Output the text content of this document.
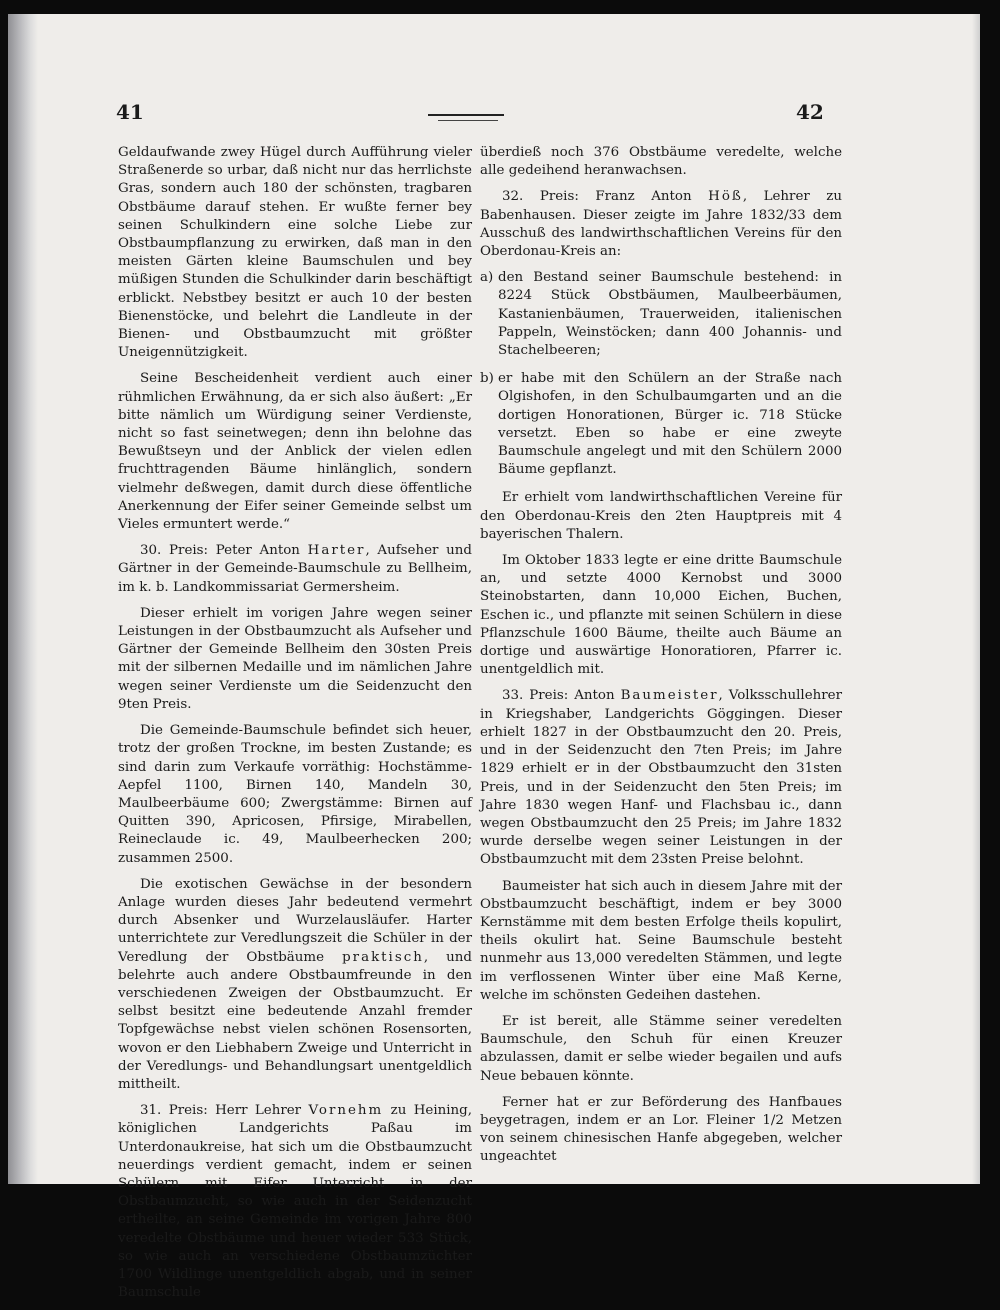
41	42

Geldaufwande zwey Hügel durch Aufführung vieler Straßenerde so urbar, daß nicht nur das herrlichste Gras, sondern auch 180 der schönsten, tragbaren Obstbäume darauf stehen. Er wußte ferner bey seinen Schulkindern eine solche Liebe zur Obstbaumpflanzung zu erwirken, daß man in den meisten Gärten kleine Baumschulen und bey müßigen Stunden die Schulkinder darin beschäftigt erblickt. Nebstbey besitzt er auch 10 der besten Bienenstöcke, und belehrt die Landleute in der Bienen- und Obstbaumzucht mit größter Uneigennützigkeit.

Seine Bescheidenheit verdient auch einer rühmlichen Erwähnung, da er sich also äußert: „Er bitte nämlich um Würdigung seiner Verdienste, nicht so fast seinetwegen; denn ihn belohne das Bewußtseyn und der Anblick der vielen edlen fruchttragenden Bäume hinlänglich, sondern vielmehr deßwegen, damit durch diese öffentliche Anerkennung der Eifer seiner Gemeinde selbst um Vieles ermuntert werde.“

30. Preis: Peter Anton Harter, Aufseher und Gärtner in der Gemeinde-Baumschule zu Bellheim, im k. b. Landkommissariat Germersheim.

Dieser erhielt im vorigen Jahre wegen seiner Leistungen in der Obstbaumzucht als Aufseher und Gärtner der Gemeinde Bellheim den 30sten Preis mit der silbernen Medaille und im nämlichen Jahre wegen seiner Verdienste um die Seidenzucht den 9ten Preis.

Die Gemeinde-Baumschule befindet sich heuer, trotz der großen Trockne, im besten Zustande; es sind darin zum Verkaufe vorräthig: Hochstämme-Aepfel 1100, Birnen 140, Mandeln 30, Maulbeerbäume 600; Zwergstämme: Birnen auf Quitten 390, Apricosen, Pfirsige, Mirabellen, Reineclaude ic. 49, Maulbeerhecken 200; zusammen 2500.

Die exotischen Gewächse in der besondern Anlage wurden dieses Jahr bedeutend vermehrt durch Absenker und Wurzelausläufer. Harter unterrichtete zur Veredlungszeit die Schüler in der Veredlung der Obstbäume praktisch, und belehrte auch andere Obstbaumfreunde in den verschiedenen Zweigen der Obstbaumzucht. Er selbst besitzt eine bedeutende Anzahl fremder Topfgewächse nebst vielen schönen Rosensorten, wovon er den Liebhabern Zweige und Unterricht in der Veredlungs- und Behandlungsart unentgeldlich mittheilt.

31. Preis: Herr Lehrer Vornehm zu Heining, königlichen Landgerichts Paßau im Unterdonaukreise, hat sich um die Obstbaumzucht neuerdings verdient gemacht, indem er seinen Schülern mit Eifer Unterricht in der Obstbaumzucht, so wie auch in der Seidenzucht ertheilte, an seine Gemeinde im vorigen Jahre 800 veredelte Obstbäume und heuer wieder 533 Stück, so wie auch an verschiedene Obstbaumzüchter 1700 Wildlinge unentgeldlich abgab, und in seiner Baumschule

überdieß noch 376 Obstbäume veredelte, welche alle gedeihend heranwachsen.

32. Preis: Franz Anton Höß, Lehrer zu Babenhausen. Dieser zeigte im Jahre 1832/33 dem Ausschuß des landwirthschaftlichen Vereins für den Oberdonau-Kreis an:

a) den Bestand seiner Baumschule bestehend: in 8224 Stück Obstbäumen, Maulbeerbäumen, Kastanienbäumen, Trauerweiden, italienischen Pappeln, Weinstöcken; dann 400 Johannis- und Stachelbeeren;

b) er habe mit den Schülern an der Straße nach Olgishofen, in den Schulbaumgarten und an die dortigen Honorationen, Bürger ic. 718 Stücke versetzt. Eben so habe er eine zweyte Baumschule angelegt und mit den Schülern 2000 Bäume gepflanzt.

Er erhielt vom landwirthschaftlichen Vereine für den Oberdonau-Kreis den 2ten Hauptpreis mit 4 bayerischen Thalern.

Im Oktober 1833 legte er eine dritte Baumschule an, und setzte 4000 Kernobst und 3000 Steinobstarten, dann 10,000 Eichen, Buchen, Eschen ic., und pflanzte mit seinen Schülern in diese Pflanzschule 1600 Bäume, theilte auch Bäume an dortige und auswärtige Honoratioren, Pfarrer ic. unentgeldlich mit.

33. Preis: Anton Baumeister, Volksschullehrer in Kriegshaber, Landgerichts Göggingen. Dieser erhielt 1827 in der Obstbaumzucht den 20. Preis, und in der Seidenzucht den 7ten Preis; im Jahre 1829 erhielt er in der Obstbaumzucht den 31sten Preis, und in der Seidenzucht den 5ten Preis; im Jahre 1830 wegen Hanf- und Flachsbau ic., dann wegen Obstbaumzucht den 25 Preis; im Jahre 1832 wurde derselbe wegen seiner Leistungen in der Obstbaumzucht mit dem 23sten Preise belohnt.

Baumeister hat sich auch in diesem Jahre mit der Obstbaumzucht beschäftigt, indem er bey 3000 Kernstämme mit dem besten Erfolge theils kopulirt, theils okulirt hat. Seine Baumschule besteht nunmehr aus 13,000 veredelten Stämmen, und legte im verflossenen Winter über eine Maß Kerne, welche im schönsten Gedeihen dastehen.

Er ist bereit, alle Stämme seiner veredelten Baumschule, den Schuh für einen Kreuzer abzulassen, damit er selbe wieder begailen und aufs Neue bebauen könnte.

Ferner hat er zur Beförderung des Hanfbaues beygetragen, indem er an Lor. Fleiner 1/2 Metzen von seinem chinesischen Hanfe abgegeben, welcher ungeachtet
